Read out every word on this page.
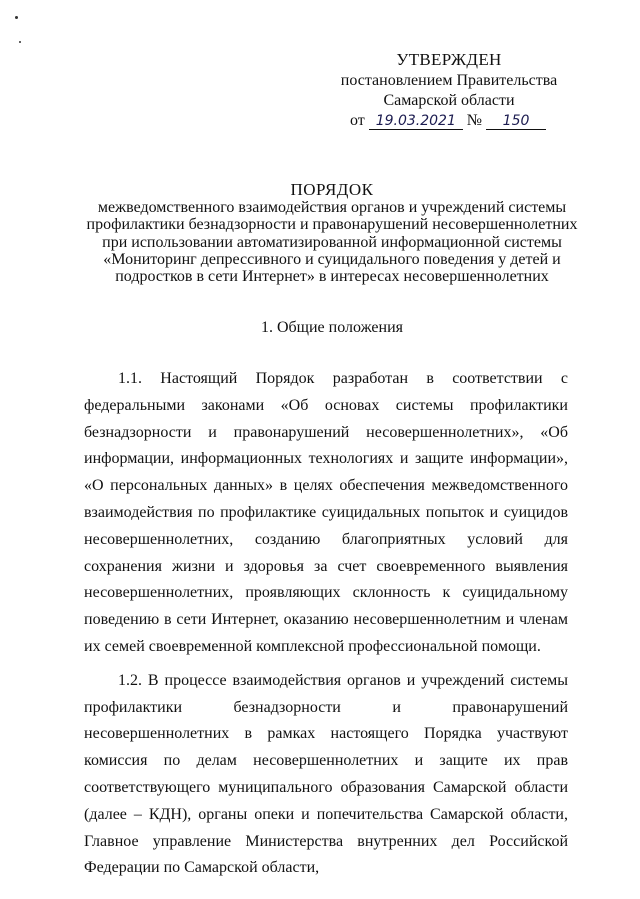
УТВЕРЖДЕН
постановлением Правительства
Самарской области
от 19.03.2021 № 150
ПОРЯДОК
межведомственного взаимодействия органов и учреждений системы
профилактики безнадзорности и правонарушений несовершеннолетних
при использовании автоматизированной информационной системы
«Мониторинг депрессивного и суицидального поведения у детей и
подростков в сети Интернет» в интересах несовершеннолетних
1. Общие положения

1.1. Настоящий Порядок разработан в соответствии с федеральными законами «Об основах системы профилактики безнадзорности и правонарушений несовершеннолетних», «Об информации, информационных технологиях и защите информации», «О персональных данных» в целях обеспечения межведомственного взаимодействия по профилактике суицидальных попыток и суицидов несовершеннолетних, созданию благоприятных условий для сохранения жизни и здоровья за счет своевременного выявления несовершеннолетних, проявляющих склонность к суицидальному поведению в сети Интернет, оказанию несовершеннолетним и членам их семей своевременной комплексной профессиональной помощи.

1.2. В процессе взаимодействия органов и учреждений системы профилактики безнадзорности и правонарушений несовершеннолетних в рамках настоящего Порядка участвуют комиссия по делам несовершеннолетних и защите их прав соответствующего муниципального образования Самарской области (далее – КДН), органы опеки и попечительства Самарской области, Главное управление Министерства внутренних дел Российской Федерации по Самарской области,
